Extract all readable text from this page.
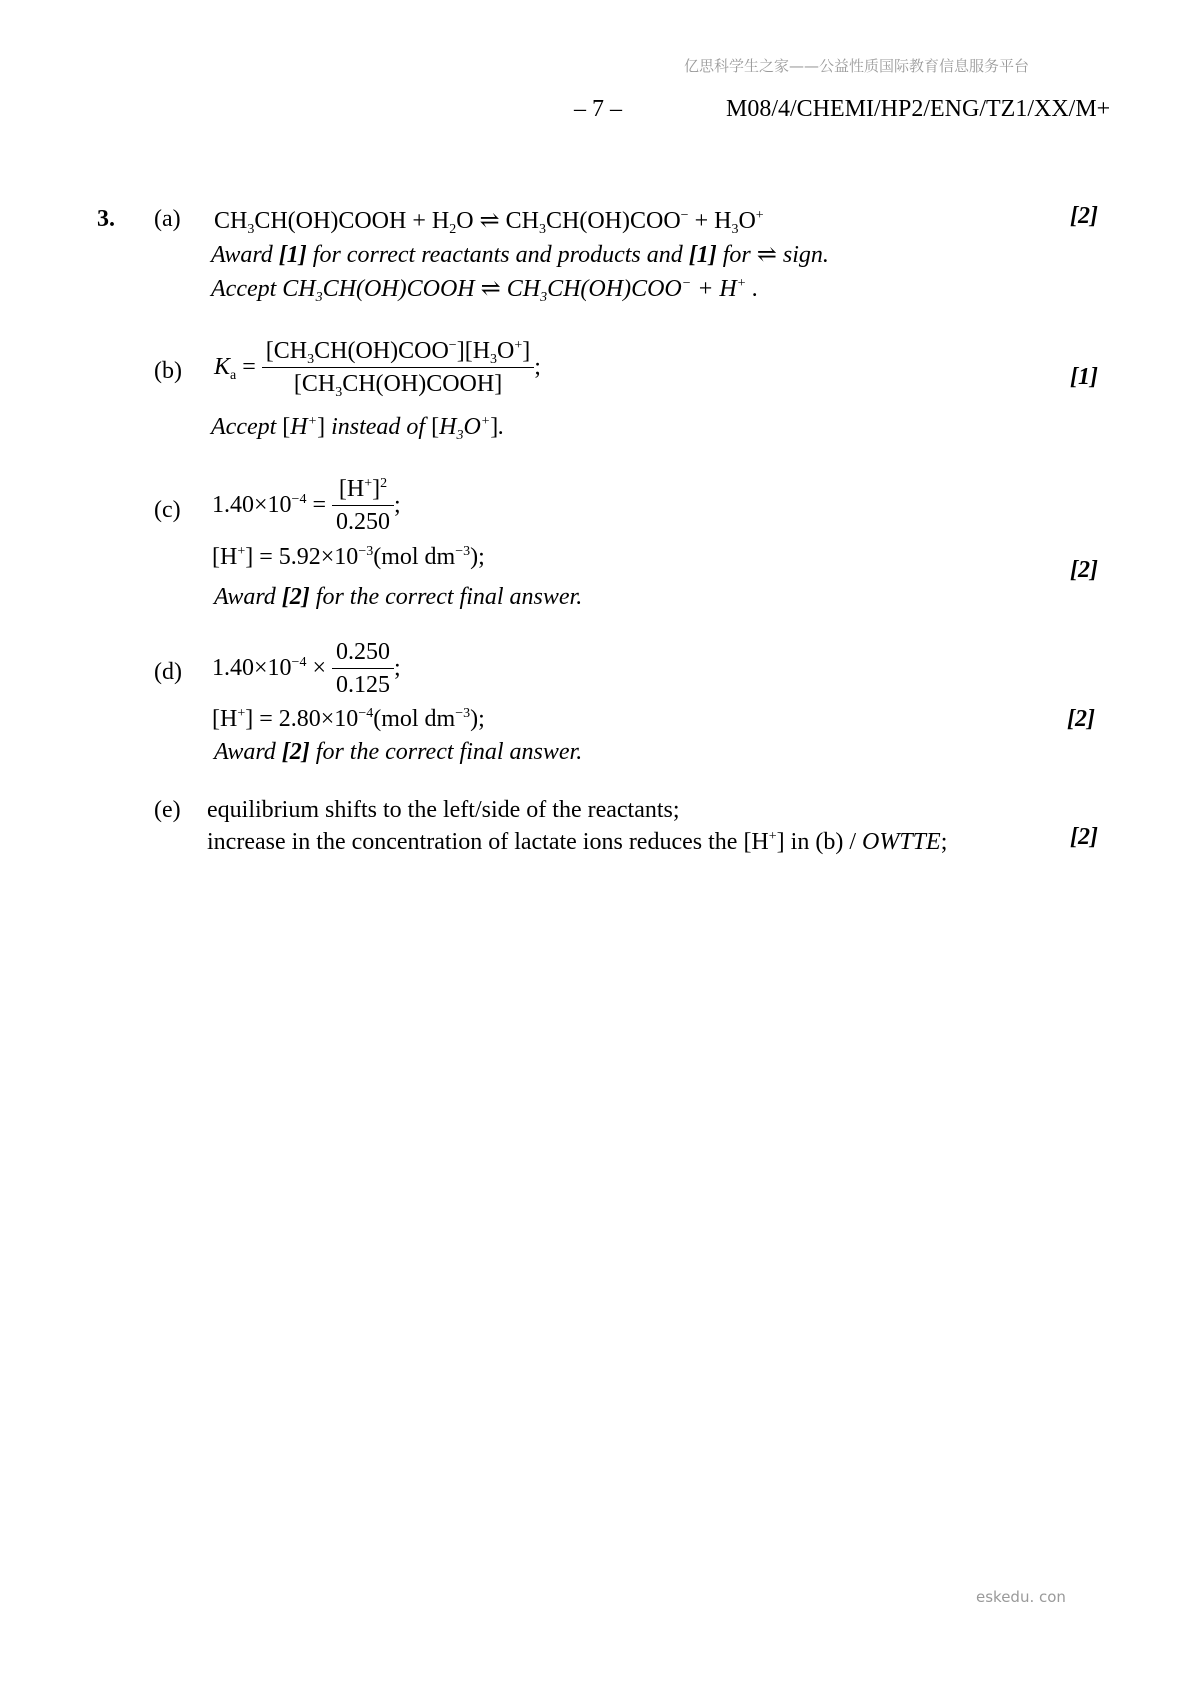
亿思科学生之家——公益性质国际教育信息服务平台
– 7 –	M08/4/CHEMI/HP2/ENG/TZ1/XX/M+
3. (a) $CH_3CH(OH)COOH + H_2O$ ⇌ $CH_3CH(OH)COO^- + H_3O^+$	[2]
Award [1] for correct reactants and products and [1] for ⇌ sign.
Accept $CH_3CH(OH)COOH$ ⇌ $CH_3CH(OH)COO^- + H^+$ .
(b) $K_a = \frac{[CH_3CH(OH)COO^-][H_3O^+]}{[CH_3CH(OH)COOH]}$ ;	[1]
Accept [H+] instead of $[H_3O^+]$.
(c) $1.40\times 10^{-4} = \frac{[H^+]^2}{0.250}$ ;
$[H^+] = 5.92\times 10^{-3}(mol$ $dm^{-3}$);	[2]
Award [2] for the correct final answer.
(d) $1.40\times 10^{-4} \times \frac{0.250}{0.125}$ ;
$[H^+] = 2.80\times 10^{-4}(mol$ $dm^{-3}$);	[2]
Award [2] for the correct final answer.
(e) equilibrium shifts to the left/side of the reactants;
increase in the concentration of lactate ions reduces the [H+] in (b) / OWTTE;	[2]
eskedu. con
